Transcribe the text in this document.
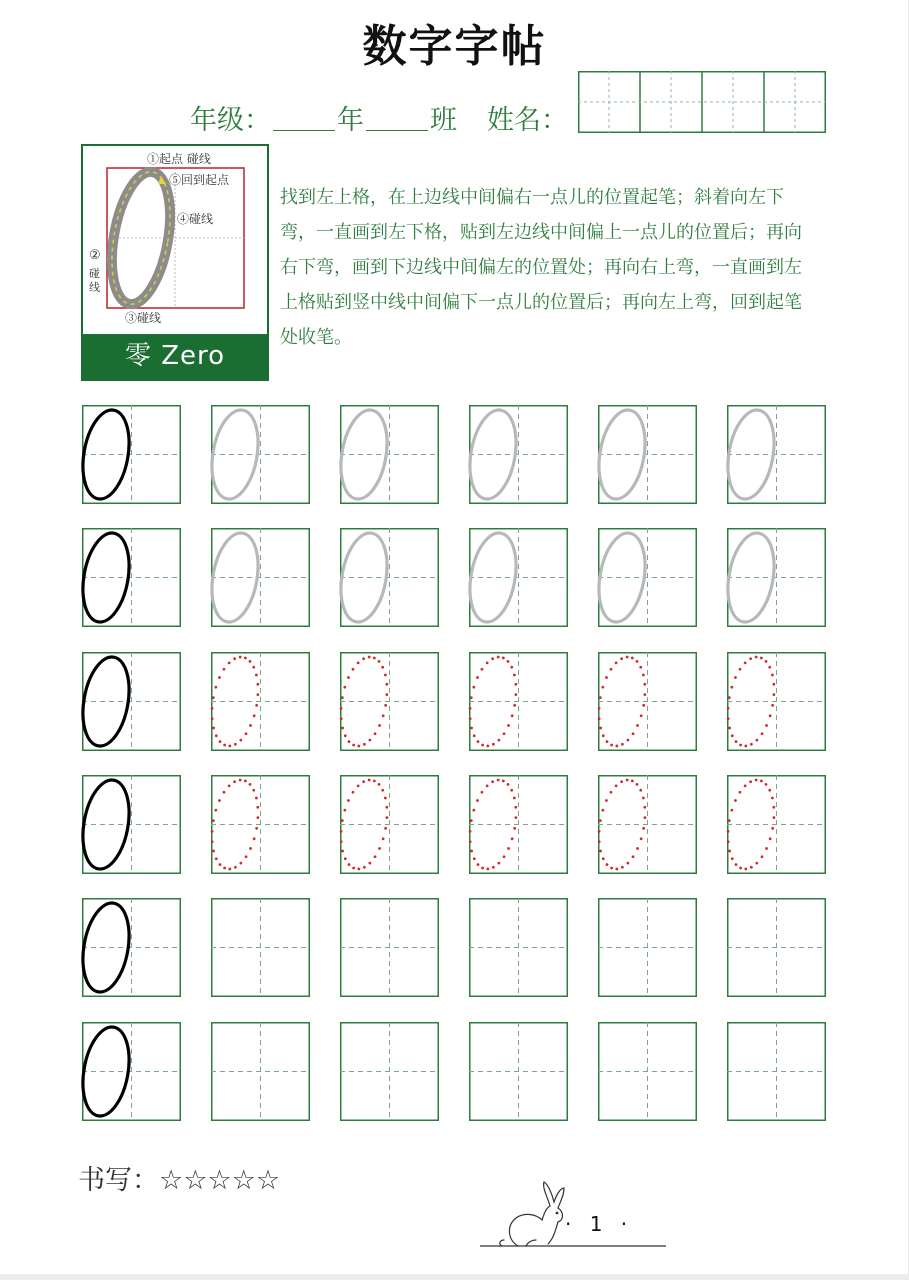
数字字帖
年级： 年 班 姓名：
①起点 碰线
⑤回到起点
④碰线
②
碰线
③碰线
零 Zero

找到左上格，在上边线中间偏右一点儿的位置起笔；斜着向左下弯，一直画到左下格，贴到左边线中间偏上一点儿的位置后；再向右下弯，画到下边线中间偏左的位置处；再向右上弯，一直画到左上格贴到竖中线中间偏下一点儿的位置后；再向左上弯，回到起笔处收笔。

书写：☆☆☆☆☆
· 1 ·
